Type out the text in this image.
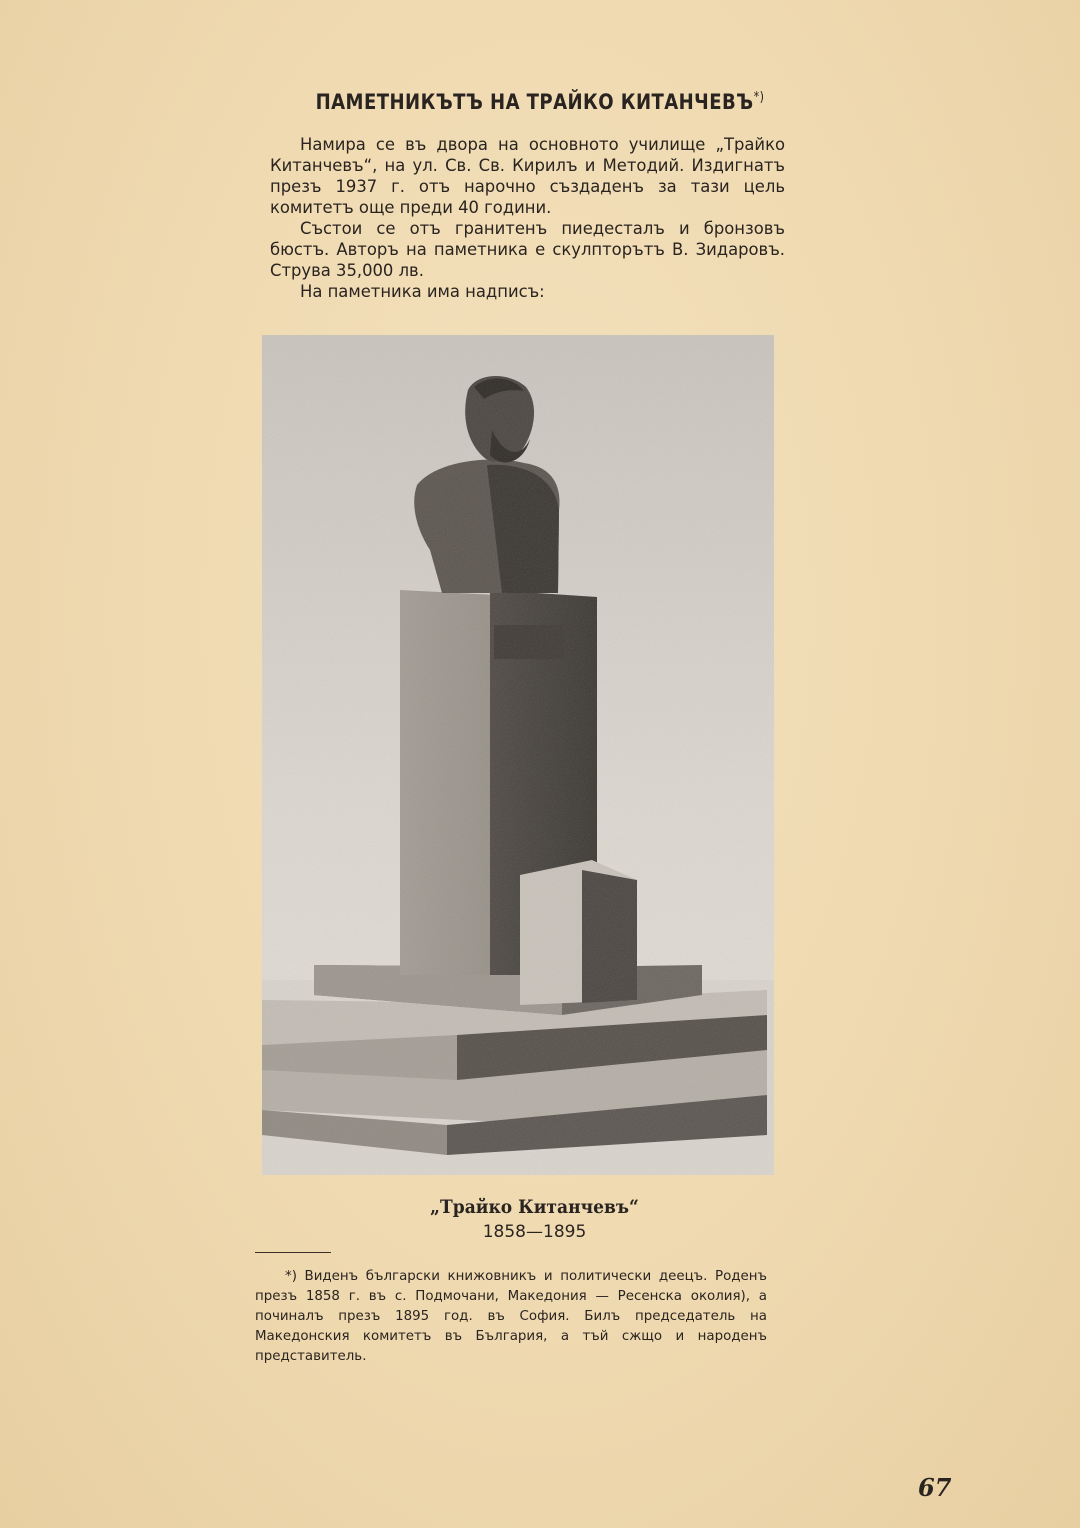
ПАМЕТНИКЪТЪ НА ТРАЙКО КИТАНЧЕВЪ*)

Намира се въ двора на основното училище „Трайко Китанчевъ“, на ул. Св. Св. Кирилъ и Методий. Издигнатъ презъ 1937 г. отъ нарочно създаденъ за тази цель комитетъ още преди 40 години.

Състои се отъ гранитенъ пиедесталъ и бронзовъ бюстъ. Авторъ на паметника е скулпторътъ В. Зидаровъ. Струва 35,000 лв.

На паметника има надписъ:

„Трайко Китанчевъ“
1858—1895

*) Виденъ български книжовникъ и политически деецъ. Роденъ презъ 1858 г. въ с. Подмочани, Македония — Ресенска околия), а починалъ презъ 1895 год. въ София. Билъ председатель на Македонския комитетъ въ България, а тъй сжщо и народенъ представитель.

67
